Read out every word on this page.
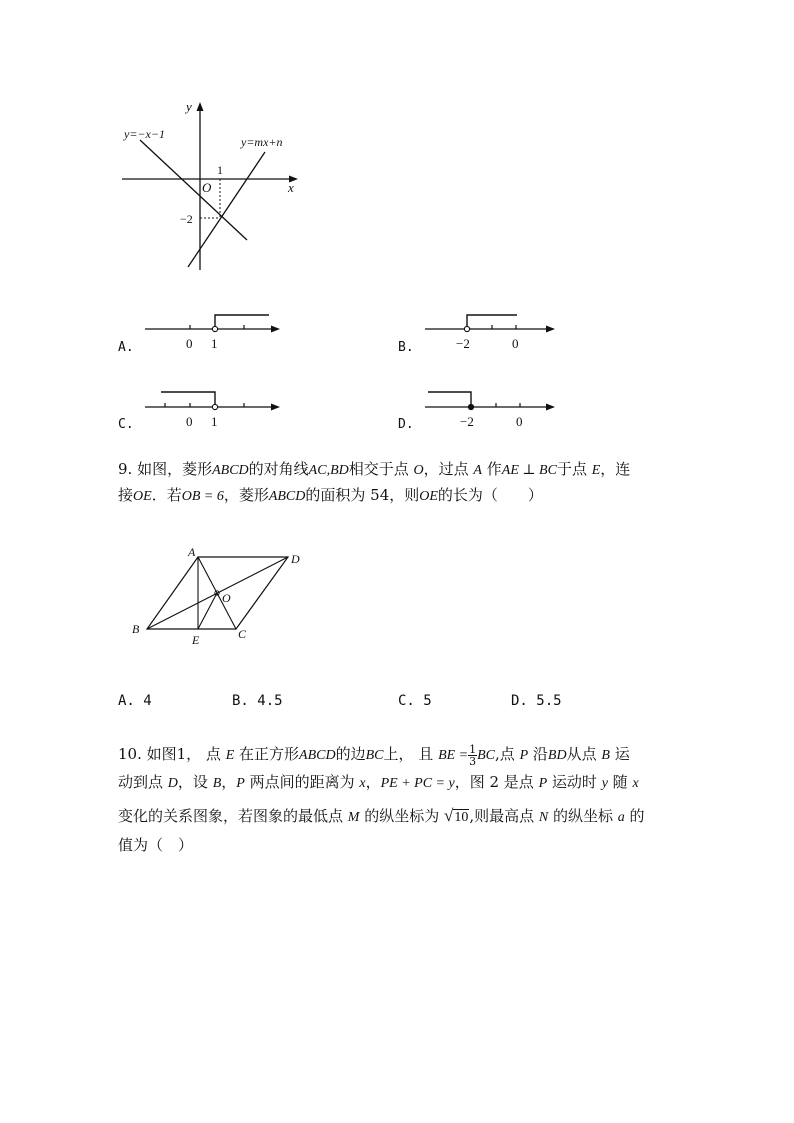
y
x
O
y=−x−1
y=mx+n
1
−2
A.	0 1	B.	−2	0
C.	0 1	D.	−2	0
9. 如图，菱形ABCD的对角线AC,BD相交于点 O，过点 A 作AE ⊥ BC于点 E，连
接OE．若OB = 6，菱形ABCD的面积为 54，则OE的长为（　　）
A	D
O
B
E	C
A. 4	B. 4.5	C. 5	D. 5.5
10. 如图1， 点 E 在正方形ABCD的边BC上， 且 BE = $\frac{1}{3}$ BC,点 P 沿BD从点 B 运
动到点 D，设 B，P 两点间的距离为 x，PE + PC = y，图 2 是点 P 运动时 y 随 x
变化的关系图象，若图象的最低点 M 的纵坐标为 √10,则最高点 N 的纵坐标 a 的
值为（　）
